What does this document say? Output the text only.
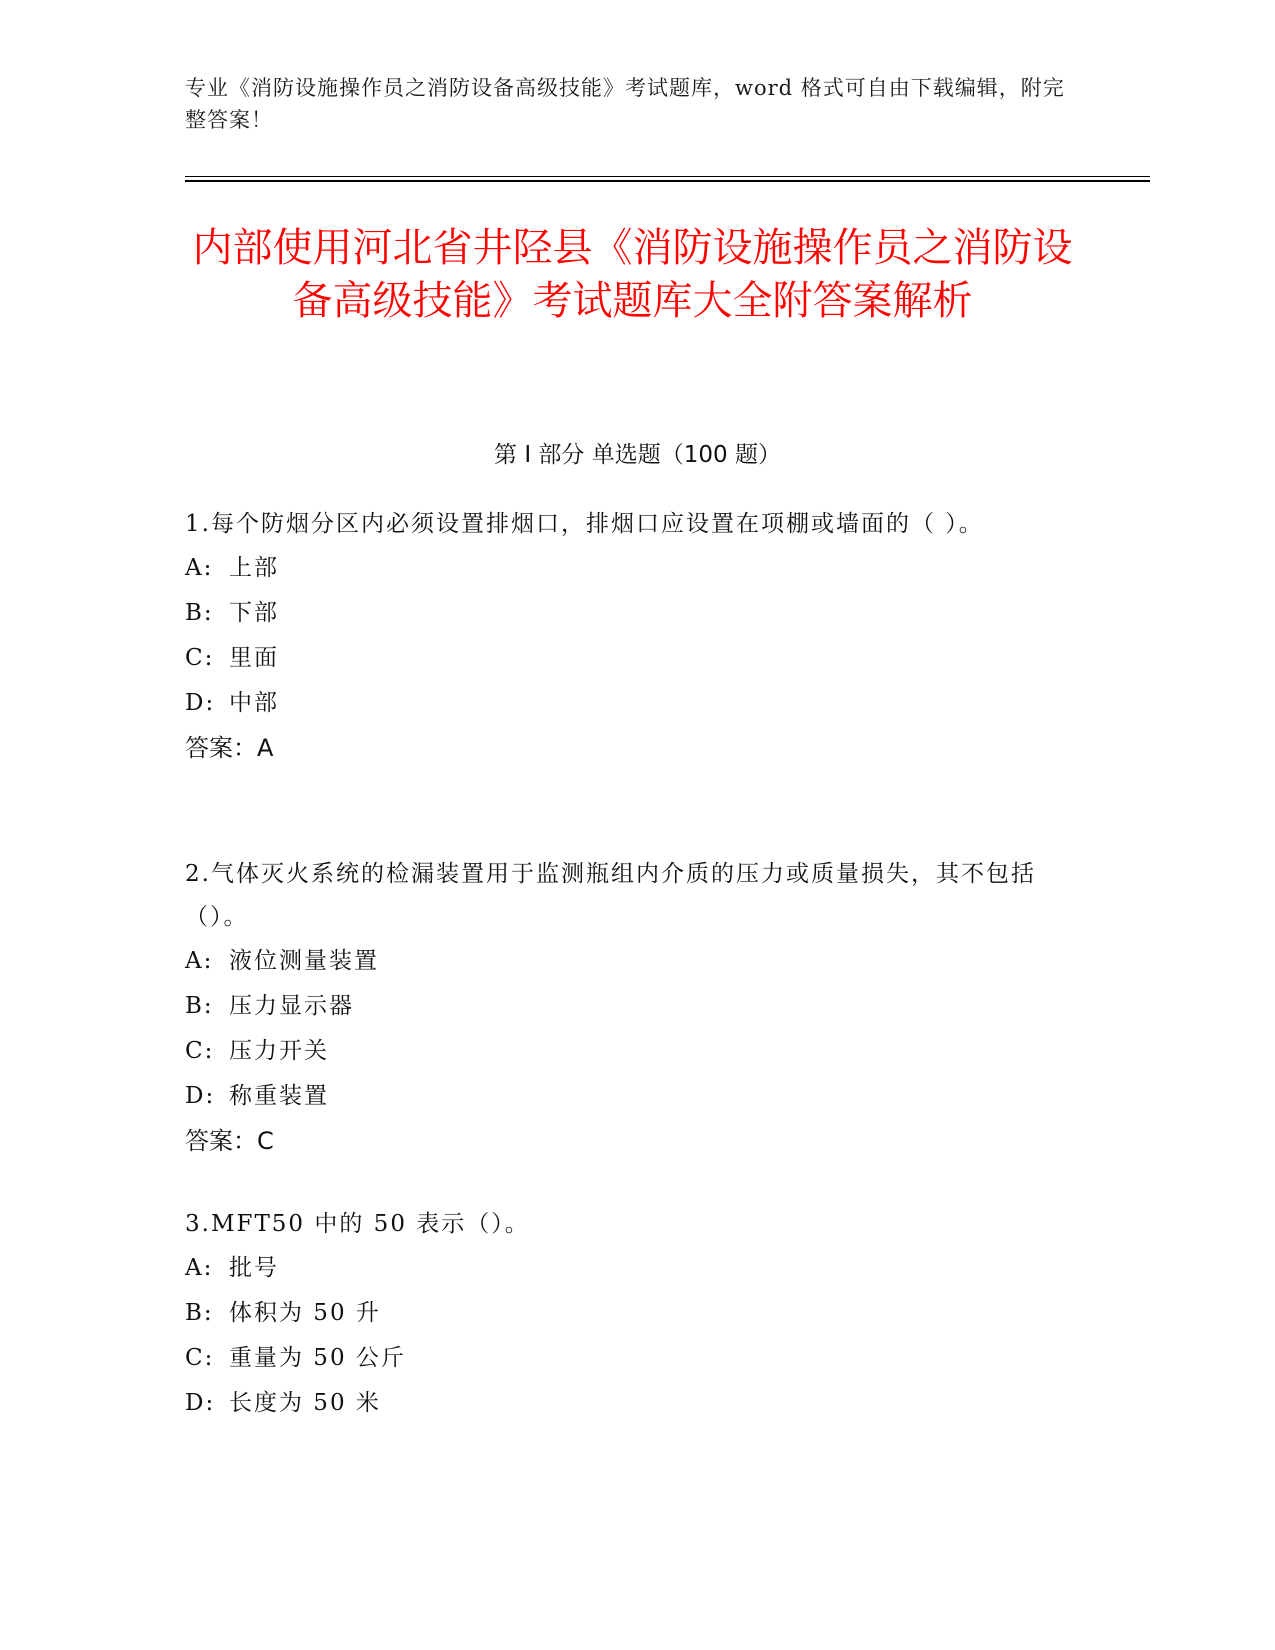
专业《消防设施操作员之消防设备高级技能》考试题库，word 格式可自由下载编辑，附完整答案！
内部使用河北省井陉县《消防设施操作员之消防设备高级技能》考试题库大全附答案解析
第 I 部分 单选题（100 题）

1.每个防烟分区内必须设置排烟口，排烟口应设置在项棚或墙面的（ ）。

A: 上部

B: 下部

C: 里面

D: 中部

答案：A

2.气体灭火系统的检漏装置用于监测瓶组内介质的压力或质量损失，其不包括（）。

A: 液位测量装置

B: 压力显示器

C: 压力开关

D: 称重装置

答案：C

3.MFT50 中的 50 表示（）。

A: 批号

B: 体积为 50 升

C: 重量为 50 公斤

D: 长度为 50 米
